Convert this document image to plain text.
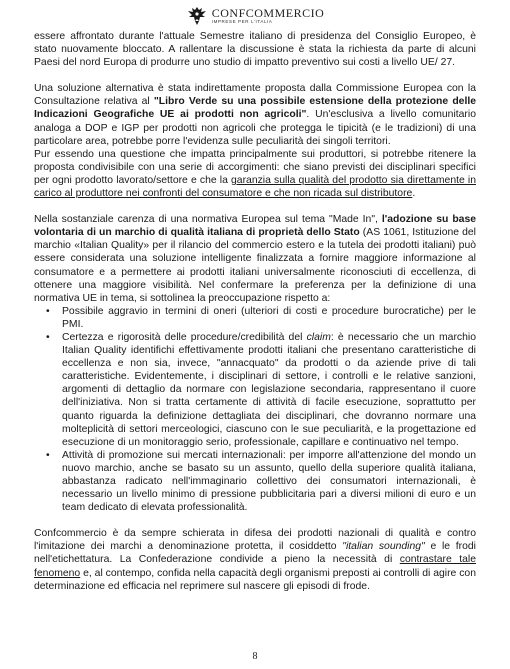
CONFCOMMERCIO
IMPRESE PER L'ITALIA

essere affrontato durante l'attuale Semestre italiano di presidenza del Consiglio Europeo, è stato nuovamente bloccato. A rallentare la discussione è stata la richiesta da parte di alcuni Paesi del nord Europa di produrre uno studio di impatto preventivo sui costi a livello UE/ 27.

Una soluzione alternativa è stata indirettamente proposta dalla Commissione Europea con la Consultazione relativa al "Libro Verde su una possibile estensione della protezione delle Indicazioni Geografiche UE ai prodotti non agricoli". Un'esclusiva a livello comunitario analoga a DOP e IGP per prodotti non agricoli che protegga le tipicità (e le tradizioni) di una particolare area, potrebbe porre l'evidenza sulle peculiarità dei singoli territori.

Pur essendo una questione che impatta principalmente sui produttori, si potrebbe ritenere la proposta condivisibile con una serie di accorgimenti: che siano previsti dei disciplinari specifici per ogni prodotto lavorato/settore e che la garanzia sulla qualità del prodotto sia direttamente in carico al produttore nei confronti del consumatore e che non ricada sul distributore.

Nella sostanziale carenza di una normativa Europea sul tema "Made In", l'adozione su base volontaria di un marchio di qualità italiana di proprietà dello Stato (AS 1061, Istituzione del marchio «Italian Quality» per il rilancio del commercio estero e la tutela dei prodotti italiani) può essere considerata una soluzione intelligente finalizzata a fornire maggiore informazione al consumatore e a permettere ai prodotti italiani universalmente riconosciuti di eccellenza, di ottenere una maggiore visibilità. Nel confermare la preferenza per la definizione di una normativa UE in tema, si sottolinea la preoccupazione rispetto a:

• Possibile aggravio in termini di oneri (ulteriori di costi e procedure burocratiche) per le PMI.
• Certezza e rigorosità delle procedure/credibilità del claim: è necessario che un marchio Italian Quality identifichi effettivamente prodotti italiani che presentano caratteristiche di eccellenza e non sia, invece, "annacquato" da prodotti o da aziende prive di tali caratteristiche. Evidentemente, i disciplinari di settore, i controlli e le relative sanzioni, argomenti di dettaglio da normare con legislazione secondaria, rappresentano il cuore dell'iniziativa. Non si tratta certamente di attività di facile esecuzione, soprattutto per quanto riguarda la definizione dettagliata dei disciplinari, che dovranno normare una molteplicità di settori merceologici, ciascuno con le sue peculiarità, e la progettazione ed esecuzione di un monitoraggio serio, professionale, capillare e continuativo nel tempo.
• Attività di promozione sui mercati internazionali: per imporre all'attenzione del mondo un nuovo marchio, anche se basato su un assunto, quello della superiore qualità italiana, abbastanza radicato nell'immaginario collettivo dei consumatori internazionali, è necessario un livello minimo di pressione pubblicitaria pari a diversi milioni di euro e un team dedicato di elevata professionalità.

Confcommercio è da sempre schierata in difesa dei prodotti nazionali di qualità e contro l'imitazione dei marchi a denominazione protetta, il cosiddetto "italian sounding" e le frodi nell'etichettatura. La Confederazione condivide a pieno la necessità di contrastare tale fenomeno e, al contempo, confida nella capacità degli organismi preposti ai controlli di agire con determinazione ed efficacia nel reprimere sul nascere gli episodi di frode.

8
